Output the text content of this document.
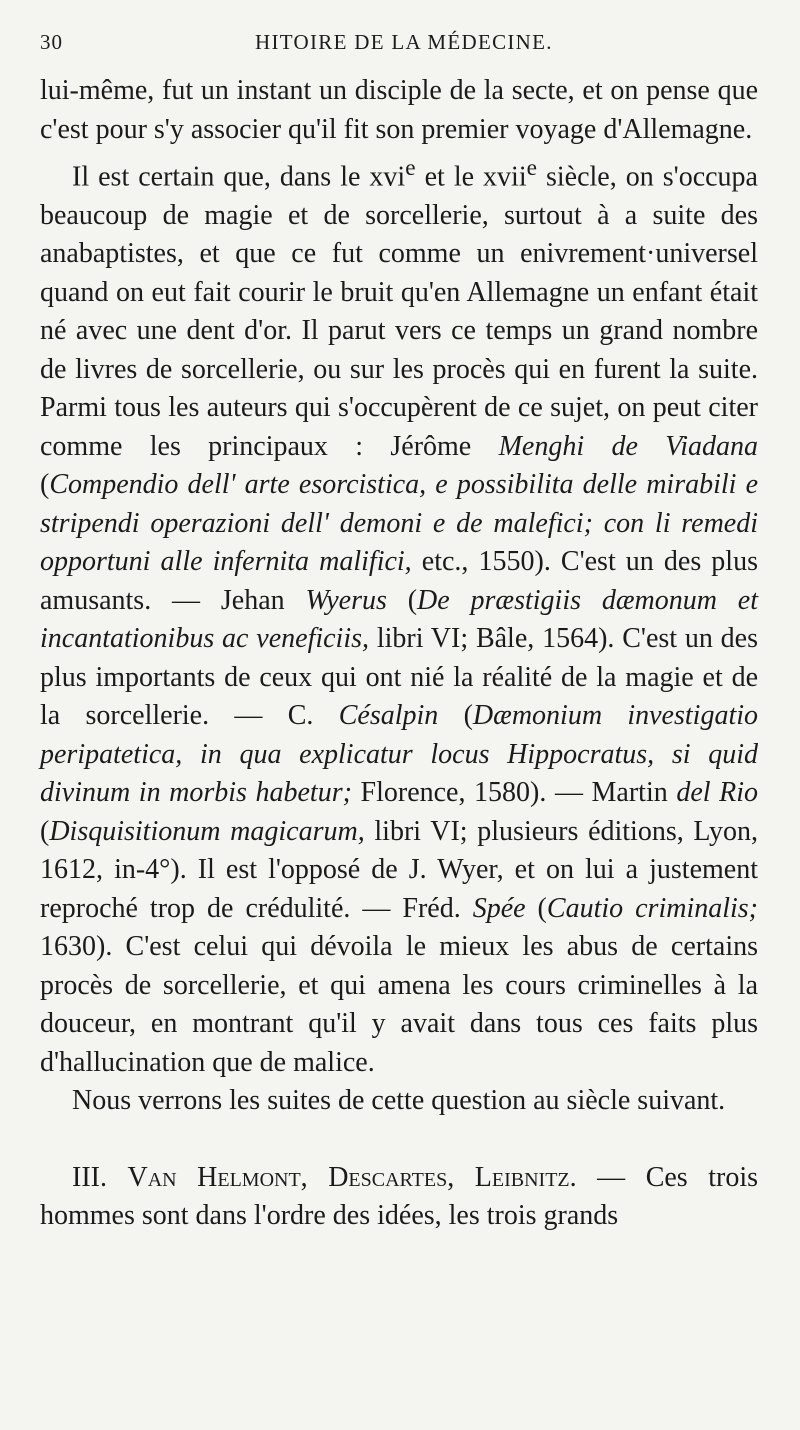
30	HITOIRE DE LA MÉDECINE.

lui-même, fut un instant un disciple de la secte, et on pense que c'est pour s'y associer qu'il fit son premier voyage d'Allemagne.

Il est certain que, dans le xvi$^e$ et le xvii$^e$ siècle, on s'occupa beaucoup de magie et de sorcellerie, surtout à a suite des anabaptistes, et que ce fut comme un enivrement·universel quand on eut fait courir le bruit qu'en Allemagne un enfant était né avec une dent d'or. Il parut vers ce temps un grand nombre de livres de sorcellerie, ou sur les procès qui en furent la suite. Parmi tous les auteurs qui s'occupèrent de ce sujet, on peut citer comme les principaux : Jérôme Menghi de Viadana (Compendio dell' arte esorcistica, e possibilita delle mirabili e stripendi operazioni dell' demoni e de malefici; con li remedi opportuni alle infernita malifici, etc., 1550). C'est un des plus amusants. — Jehan Wyerus (De præstigiis dæmonum et incantationibus ac veneficiis, libri VI; Bâle, 1564). C'est un des plus importants de ceux qui ont nié la réalité de la magie et de la sorcellerie. — C. Césalpin (Dæmonium investigatio peripatetica, in qua explicatur locus Hippocratus, si quid divinum in morbis habetur; Florence, 1580). — Martin del Rio (Disquisitionum magicarum, libri VI; plusieurs éditions, Lyon, 1612, in-4°). Il est l'opposé de J. Wyer, et on lui a justement reproché trop de crédulité. — Fréd. Spée (Cautio criminalis; 1630). C'est celui qui dévoila le mieux les abus de certains procès de sorcellerie, et qui amena les cours criminelles à la douceur, en montrant qu'il y avait dans tous ces faits plus d'hallucination que de malice.

Nous verrons les suites de cette question au siècle suivant.

III. Van Helmont, Descartes, Leibnitz. — Ces trois hommes sont dans l'ordre des idées, les trois grands
